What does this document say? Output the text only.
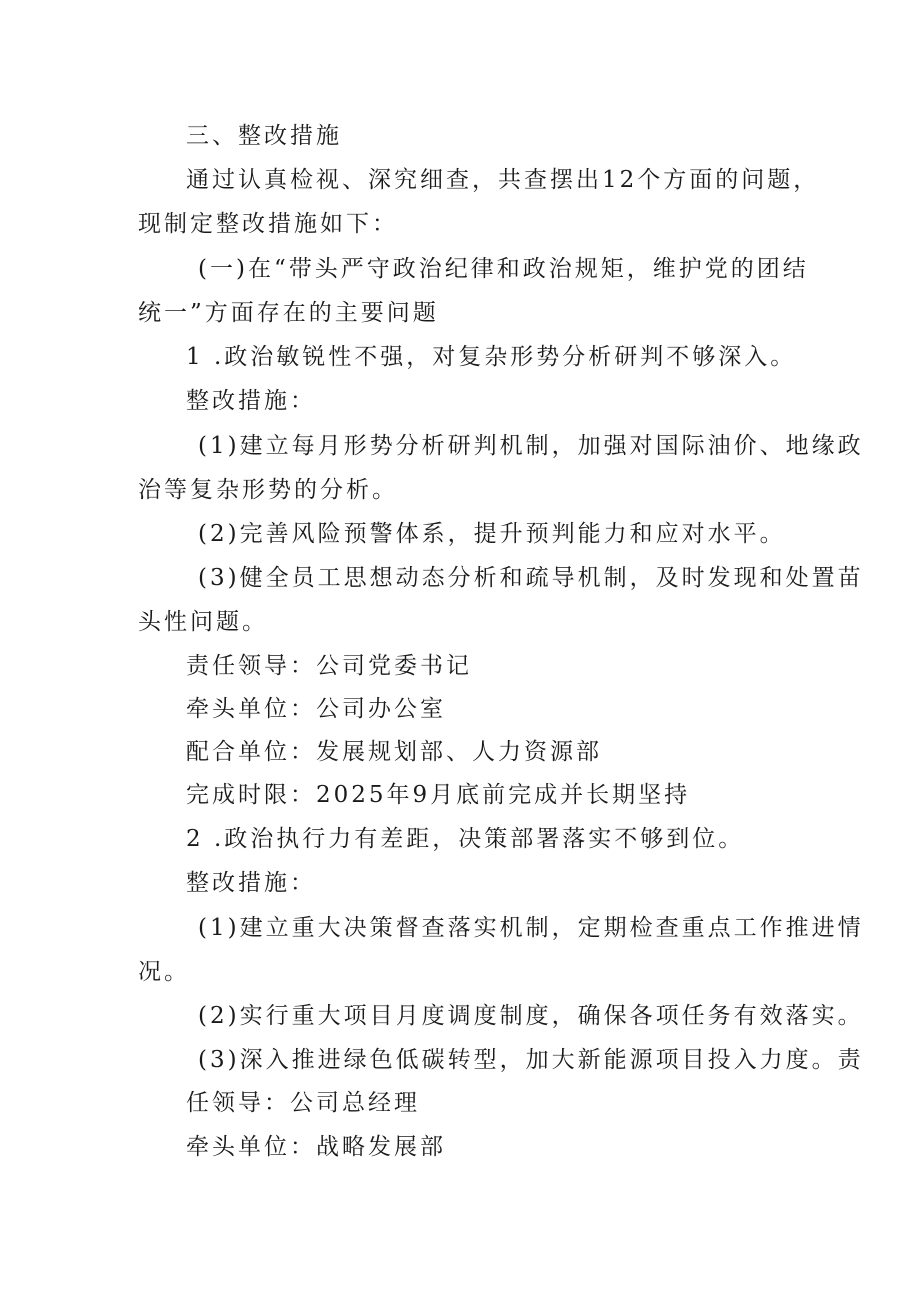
三、整改措施
通过认真检视、深究细查，共查摆出12个方面的问题，
现制定整改措施如下：
(一)在“带头严守政治纪律和政治规矩，维护党的团结
统一”方面存在的主要问题
1 .政治敏锐性不强，对复杂形势分析研判不够深入。
整改措施：
(1)建立每月形势分析研判机制，加强对国际油价、地缘政
治等复杂形势的分析。
(2)完善风险预警体系，提升预判能力和应对水平。
(3)健全员工思想动态分析和疏导机制，及时发现和处置苗
头性问题。
责任领导：公司党委书记
牵头单位：公司办公室
配合单位：发展规划部、人力资源部
完成时限：2025年9月底前完成并长期坚持
2 .政治执行力有差距，决策部署落实不够到位。
整改措施：
(1)建立重大决策督查落实机制，定期检查重点工作推进情
况。
(2)实行重大项目月度调度制度，确保各项任务有效落实。
(3)深入推进绿色低碳转型，加大新能源项目投入力度。责
任领导：公司总经理
牵头单位：战略发展部
